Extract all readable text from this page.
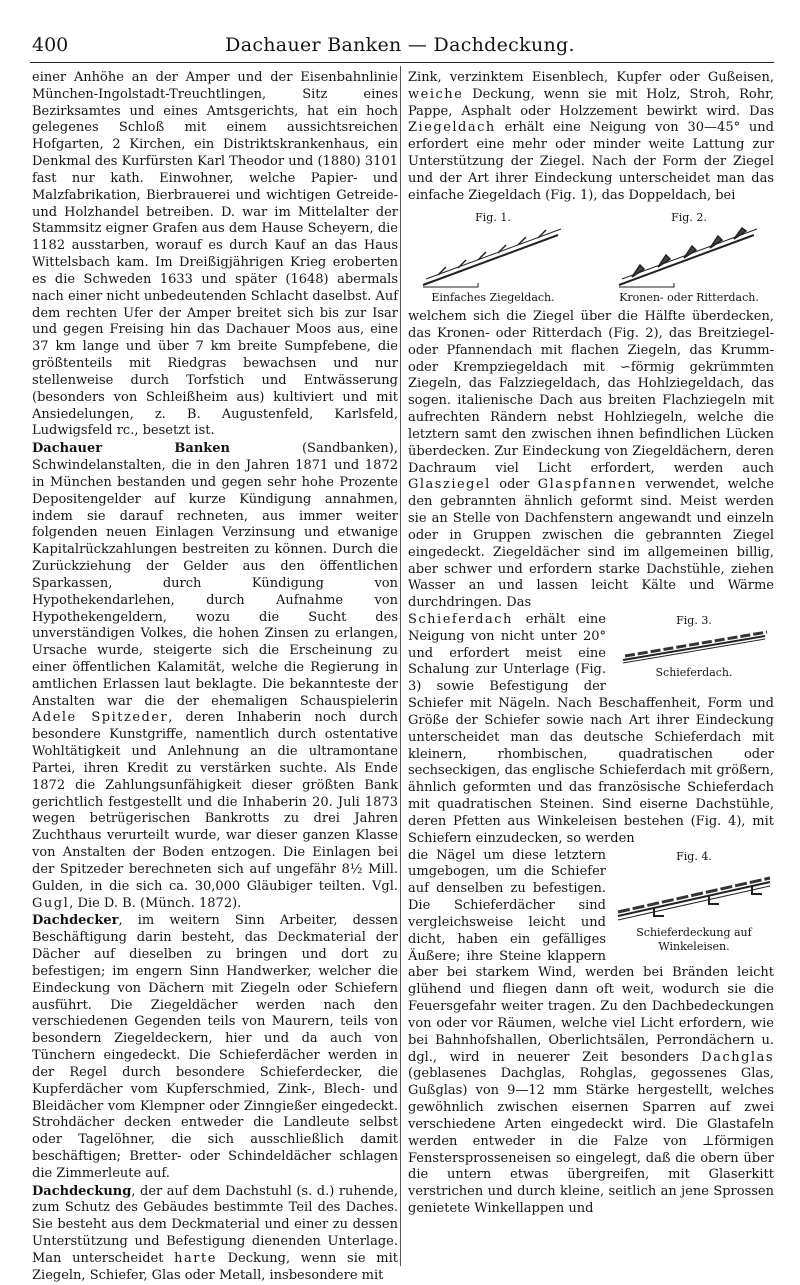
400	Dachauer Banken — Dachdeckung.

einer Anhöhe an der Amper und der Eisenbahnlinie München-Ingolstadt-Treuchtlingen, Sitz eines Bezirksamtes und eines Amtsgerichts, hat ein hoch gelegenes Schloß mit einem aussichtsreichen Hofgarten, 2 Kirchen, ein Distriktskrankenhaus, ein Denkmal des Kurfürsten Karl Theodor und (1880) 3101 fast nur kath. Einwohner, welche Papier- und Malzfabrikation, Bierbrauerei und wichtigen Getreide- und Holzhandel betreiben. D. war im Mittelalter der Stammsitz eigner Grafen aus dem Hause Scheyern, die 1182 ausstarben, worauf es durch Kauf an das Haus Wittelsbach kam. Im Dreißigjährigen Krieg eroberten es die Schweden 1633 und später (1648) abermals nach einer nicht unbedeutenden Schlacht daselbst. Auf dem rechten Ufer der Amper breitet sich bis zur Isar und gegen Freising hin das Dachauer Moos aus, eine 37 km lange und über 7 km breite Sumpfebene, die größtenteils mit Riedgras bewachsen und nur stellenweise durch Torfstich und Entwässerung (besonders von Schleißheim aus) kultiviert und mit Ansiedelungen, z. B. Augustenfeld, Karlsfeld, Ludwigsfeld rc., besetzt ist.

Dachauer Banken (Sandbanken), Schwindelanstalten, die in den Jahren 1871 und 1872 in München bestanden und gegen sehr hohe Prozente Depositengelder auf kurze Kündigung annahmen, indem sie darauf rechneten, aus immer weiter folgenden neuen Einlagen Verzinsung und etwanige Kapitalrückzahlungen bestreiten zu können. Durch die Zurückziehung der Gelder aus den öffentlichen Sparkassen, durch Kündigung von Hypothekendarlehen, durch Aufnahme von Hypothekengeldern, wozu die Sucht des unverständigen Volkes, die hohen Zinsen zu erlangen, Ursache wurde, steigerte sich die Erscheinung zu einer öffentlichen Kalamität, welche die Regierung in amtlichen Erlassen laut beklagte. Die bekannteste der Anstalten war die der ehemaligen Schauspielerin Adele Spitzeder, deren Inhaberin noch durch besondere Kunstgriffe, namentlich durch ostentative Wohltätigkeit und Anlehnung an die ultramontane Partei, ihren Kredit zu verstärken suchte. Als Ende 1872 die Zahlungsunfähigkeit dieser größten Bank gerichtlich festgestellt und die Inhaberin 20. Juli 1873 wegen betrügerischen Bankrotts zu drei Jahren Zuchthaus verurteilt wurde, war dieser ganzen Klasse von Anstalten der Boden entzogen. Die Einlagen bei der Spitzeder berechneten sich auf ungefähr 8½ Mill. Gulden, in die sich ca. 30,000 Gläubiger teilten. Vgl. Gugl, Die D. B. (Münch. 1872).

Dachdecker, im weitern Sinn Arbeiter, dessen Beschäftigung darin besteht, das Deckmaterial der Dächer auf dieselben zu bringen und dort zu befestigen; im engern Sinn Handwerker, welcher die Eindeckung von Dächern mit Ziegeln oder Schiefern ausführt. Die Ziegeldächer werden nach den verschiedenen Gegenden teils von Maurern, teils von besondern Ziegeldeckern, hier und da auch von Tünchern eingedeckt. Die Schieferdächer werden in der Regel durch besondere Schieferdecker, die Kupferdächer vom Kupferschmied, Zink-, Blech- und Bleidächer vom Klempner oder Zinngießer eingedeckt. Strohdächer decken entweder die Landleute selbst oder Tagelöhner, die sich ausschließlich damit beschäftigen; Bretter- oder Schindeldächer schlagen die Zimmerleute auf.

Dachdeckung, der auf dem Dachstuhl (s. d.) ruhende, zum Schutz des Gebäudes bestimmte Teil des Daches. Sie besteht aus dem Deckmaterial und einer zu dessen Unterstützung und Befestigung dienenden Unterlage. Man unterscheidet harte Deckung, wenn sie mit Ziegeln, Schiefer, Glas oder Metall, insbesondere mit

Zink, verzinktem Eisenblech, Kupfer oder Gußeisen, weiche Deckung, wenn sie mit Holz, Stroh, Rohr, Pappe, Asphalt oder Holzzement bewirkt wird. Das Ziegeldach erhält eine Neigung von 30—45° und erfordert eine mehr oder minder weite Lattung zur Unterstützung der Ziegel. Nach der Form der Ziegel und der Art ihrer Eindeckung unterscheidet man das einfache Ziegeldach (Fig. 1), das Doppeldach, bei

Fig. 1.
Einfaches Ziegeldach.
Fig. 2.
Kronen- oder Ritterdach.

welchem sich die Ziegel über die Hälfte überdecken, das Kronen- oder Ritterdach (Fig. 2), das Breitziegel- oder Pfannendach mit flachen Ziegeln, das Krumm- oder Krempziegeldach mit ∽förmig gekrümmten Ziegeln, das Falzziegeldach, das Hohlziegeldach, das sogen. italienische Dach aus breiten Flachziegeln mit aufrechten Rändern nebst Hohlziegeln, welche die letztern samt den zwischen ihnen befindlichen Lücken überdecken. Zur Eindeckung von Ziegeldächern, deren Dachraum viel Licht erfordert, werden auch Glasziegel oder Glaspfannen verwendet, welche den gebrannten ähnlich geformt sind. Meist werden sie an Stelle von Dachfenstern angewandt und einzeln oder in Gruppen zwischen die gebrannten Ziegel eingedeckt. Ziegeldächer sind im allgemeinen billig, aber schwer und erfordern starke Dachstühle, ziehen Wasser an und lassen leicht Kälte und Wärme durchdringen. Das

Fig. 3.
Schieferdach.

Schieferdach erhält eine Neigung von nicht unter 20° und erfordert meist eine Schalung zur Unterlage (Fig. 3) sowie Befestigung der Schiefer mit Nägeln. Nach Beschaffenheit, Form und Größe der Schiefer sowie nach Art ihrer Eindeckung unterscheidet man das deutsche Schieferdach mit kleinern, rhombischen, quadratischen oder sechseckigen, das englische Schieferdach mit größern, ähnlich geformten und das französische Schieferdach mit quadratischen Steinen. Sind eiserne Dachstühle, deren Pfetten aus Winkeleisen bestehen (Fig. 4), mit Schiefern einzudecken, so werden

Fig. 4.
Schieferdeckung auf Winkeleisen.

die Nägel um diese letztern umgebogen, um die Schiefer auf denselben zu befestigen. Die Schieferdächer sind vergleichsweise leicht und dicht, haben ein gefälliges Äußere; ihre Steine klappern aber bei starkem Wind, werden bei Bränden leicht glühend und fliegen dann oft weit, wodurch sie die Feuersgefahr weiter tragen. Zu den Dachbedeckungen von oder vor Räumen, welche viel Licht erfordern, wie bei Bahnhofshallen, Oberlichtsälen, Perrondächern u. dgl., wird in neuerer Zeit besonders Dachglas (geblasenes Dachglas, Rohglas, gegossenes Glas, Gußglas) von 9—12 mm Stärke hergestellt, welches gewöhnlich zwischen eisernen Sparren auf zwei verschiedene Arten eingedeckt wird. Die Glastafeln werden entweder in die Falze von ⊥förmigen Fenstersprosseneisen so eingelegt, daß die obern über die untern etwas übergreifen, mit Glaserkitt verstrichen und durch kleine, seitlich an jene Sprossen genietete Winkellappen und
